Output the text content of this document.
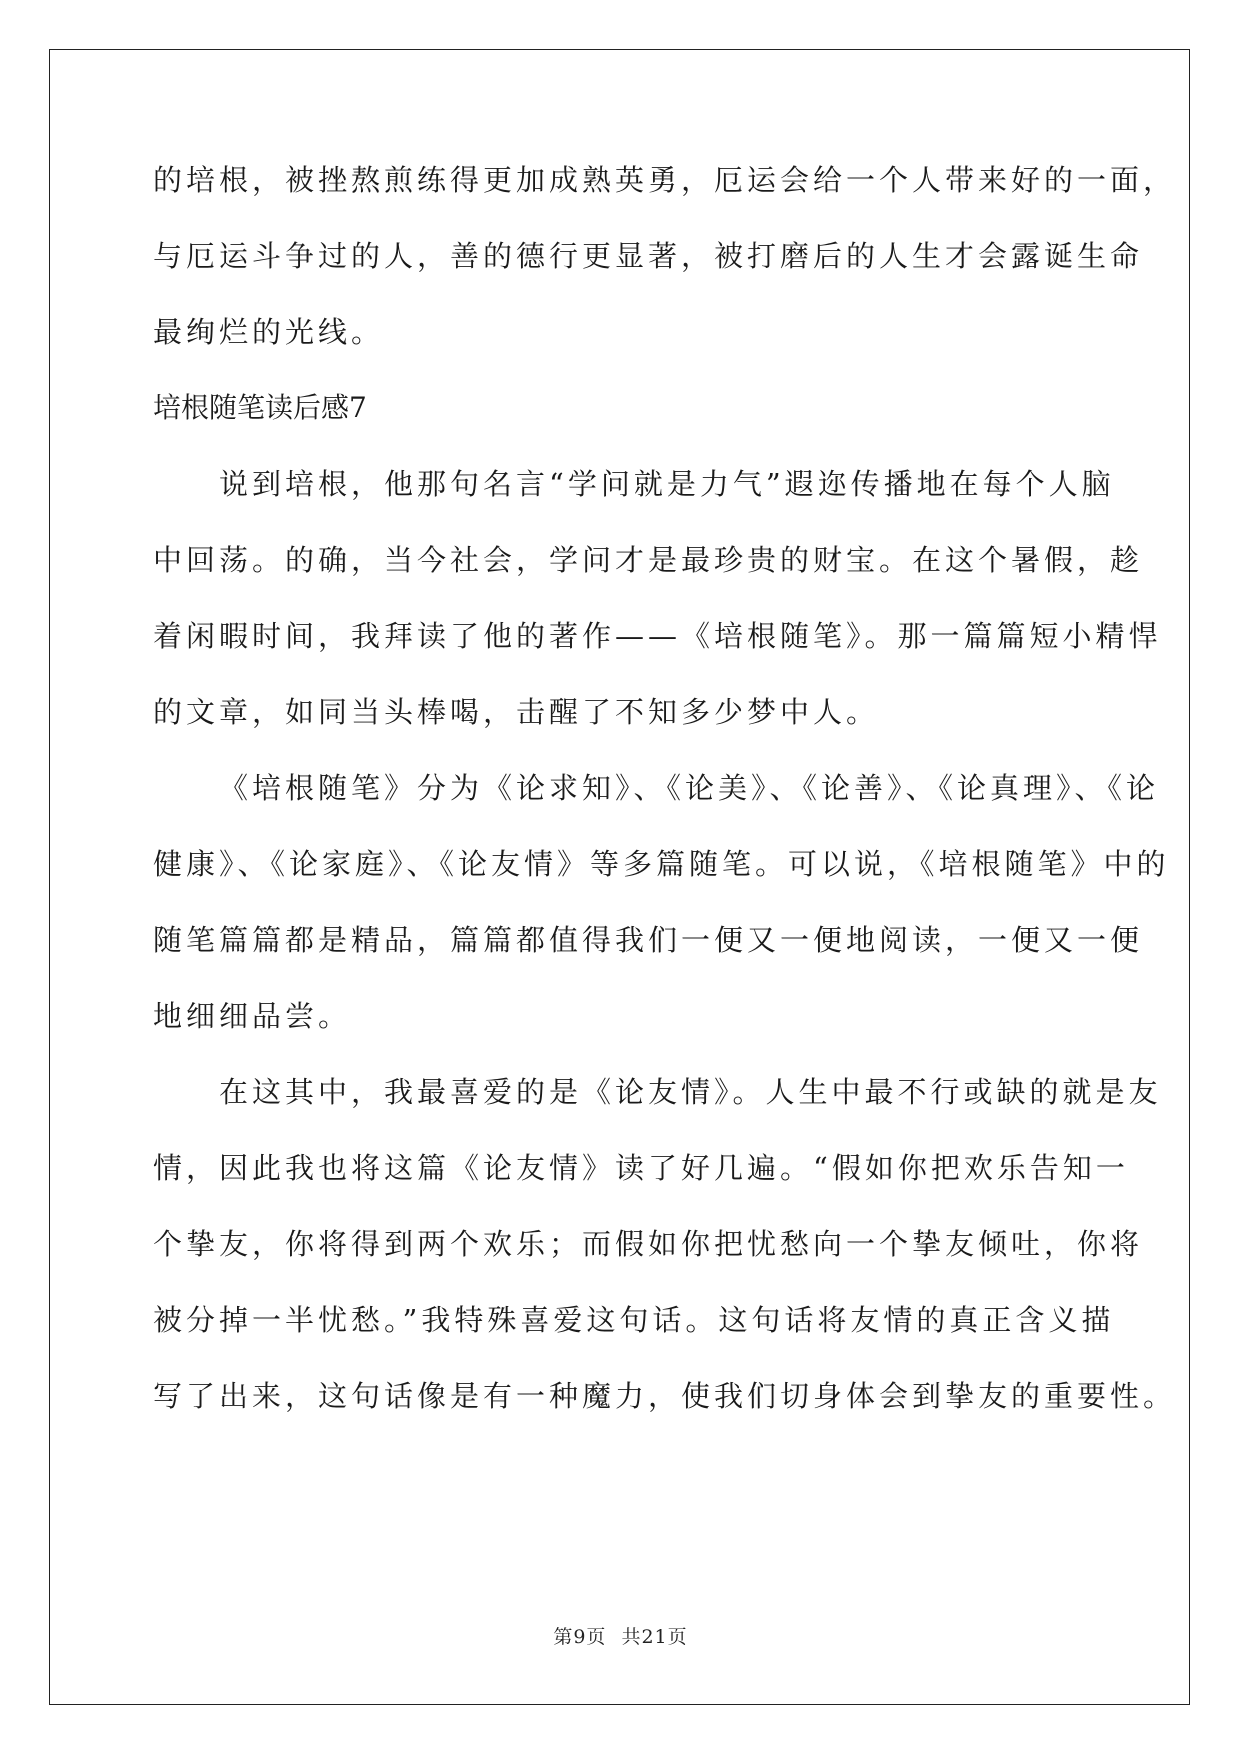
的培根，被挫熬煎练得更加成熟英勇，厄运会给一个人带来好的一面，
与厄运斗争过的人，善的德行更显著，被打磨后的人生才会露诞生命
最绚烂的光线。
培根随笔读后感7
说到培根，他那句名言“学问就是力气”遐迩传播地在每个人脑
中回荡。的确，当今社会，学问才是最珍贵的财宝。在这个暑假，趁
着闲暇时间，我拜读了他的著作——《培根随笔》。那一篇篇短小精悍
的文章，如同当头棒喝，击醒了不知多少梦中人。
《培根随笔》分为《论求知》、《论美》、《论善》、《论真理》、《论
健康》、《论家庭》、《论友情》等多篇随笔。可以说，《培根随笔》中的
随笔篇篇都是精品，篇篇都值得我们一便又一便地阅读，一便又一便
地细细品尝。
在这其中，我最喜爱的是《论友情》。人生中最不行或缺的就是友
情，因此我也将这篇《论友情》读了好几遍。“假如你把欢乐告知一
个挚友，你将得到两个欢乐；而假如你把忧愁向一个挚友倾吐，你将
被分掉一半忧愁。”我特殊喜爱这句话。这句话将友情的真正含义描
写了出来，这句话像是有一种魔力，使我们切身体会到挚友的重要性。
第9页 共21页
